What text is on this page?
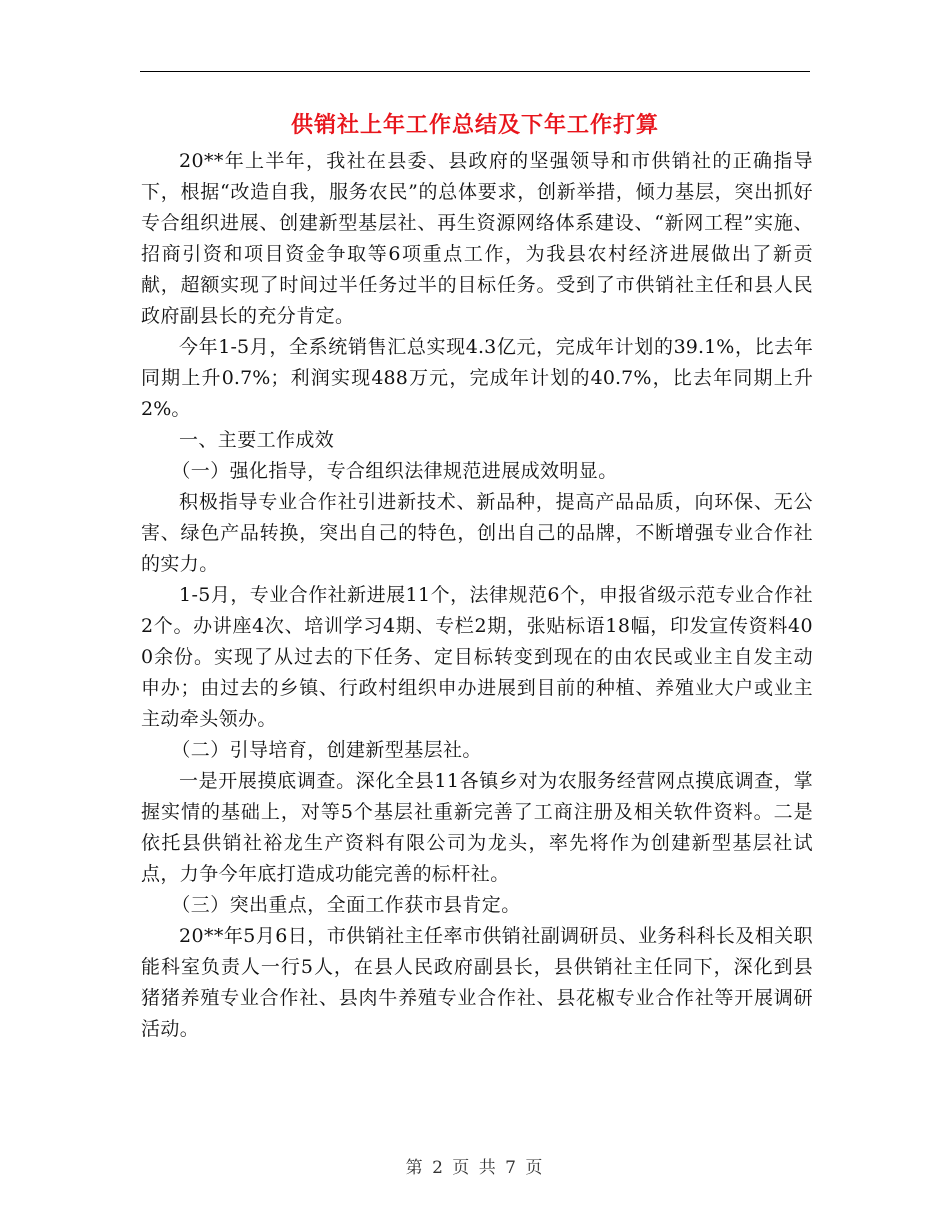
供销社上年工作总结及下年工作打算

20**年上半年，我社在县委、县政府的坚强领导和市供销社的正确指导下，根据“改造自我，服务农民”的总体要求，创新举措，倾力基层，突出抓好专合组织进展、创建新型基层社、再生资源网络体系建设、“新网工程”实施、招商引资和项目资金争取等6项重点工作，为我县农村经济进展做出了新贡献，超额实现了时间过半任务过半的目标任务。受到了市供销社主任和县人民政府副县长的充分肯定。

今年1-5月，全系统销售汇总实现4.3亿元，完成年计划的39.1%，比去年同期上升0.7%；利润实现488万元，完成年计划的40.7%，比去年同期上升2%。

一、主要工作成效

（一）强化指导，专合组织法律规范进展成效明显。

积极指导专业合作社引进新技术、新品种，提高产品品质，向环保、无公害、绿色产品转换，突出自己的特色，创出自己的品牌，不断增强专业合作社的实力。

1-5月，专业合作社新进展11个，法律规范6个，申报省级示范专业合作社2个。办讲座4次、培训学习4期、专栏2期，张贴标语18幅，印发宣传资料400余份。实现了从过去的下任务、定目标转变到现在的由农民或业主自发主动申办；由过去的乡镇、行政村组织申办进展到目前的种植、养殖业大户或业主主动牵头领办。

（二）引导培育，创建新型基层社。

一是开展摸底调查。深化全县11各镇乡对为农服务经营网点摸底调查，掌握实情的基础上，对等5个基层社重新完善了工商注册及相关软件资料。二是依托县供销社裕龙生产资料有限公司为龙头，率先将作为创建新型基层社试点，力争今年底打造成功能完善的标杆社。

（三）突出重点，全面工作获市县肯定。

20**年5月6日，市供销社主任率市供销社副调研员、业务科科长及相关职能科室负责人一行5人，在县人民政府副县长，县供销社主任同下，深化到县猪猪养殖专业合作社、县肉牛养殖专业合作社、县花椒专业合作社等开展调研活动。

第 2 页 共 7 页
